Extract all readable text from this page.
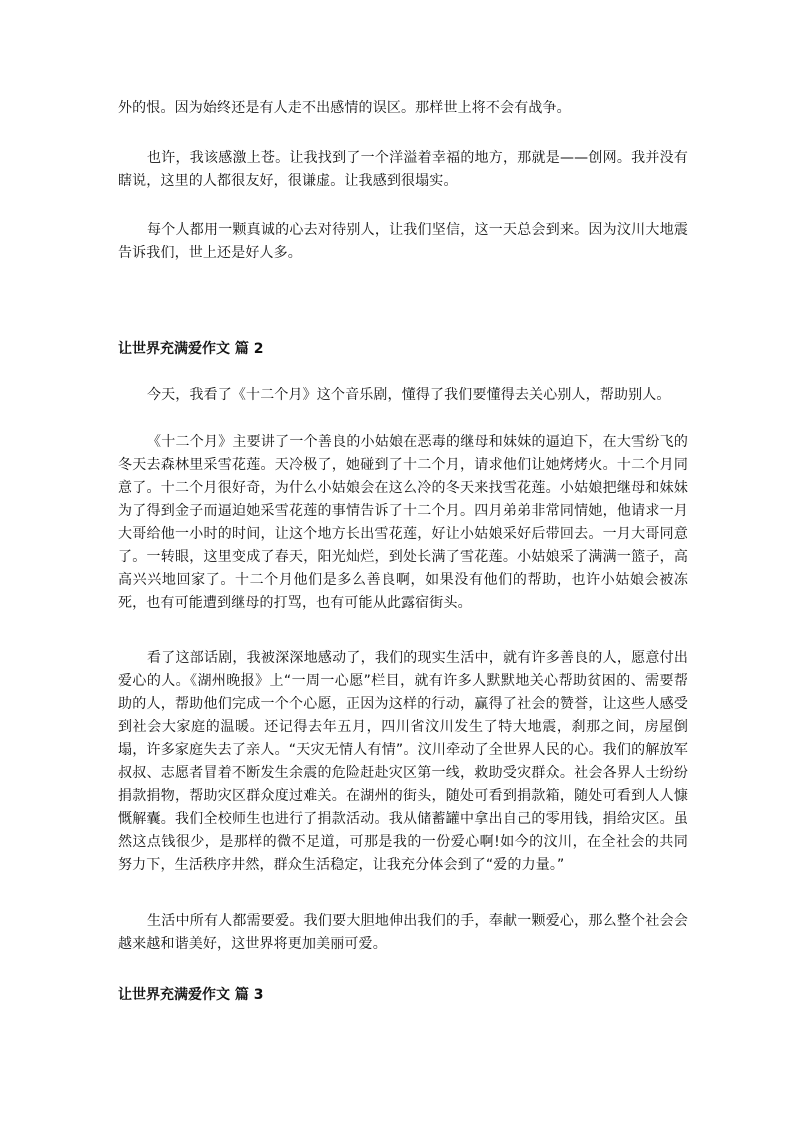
外的恨。因为始终还是有人走不出感情的误区。那样世上将不会有战争。

也许，我该感激上苍。让我找到了一个洋溢着幸福的地方，那就是——创网。我并没有瞎说，这里的人都很友好，很谦虚。让我感到很塌实。

每个人都用一颗真诚的心去对待别人，让我们坚信，这一天总会到来。因为汶川大地震告诉我们，世上还是好人多。

让世界充满爱作文 篇 2

今天，我看了《十二个月》这个音乐剧，懂得了我们要懂得去关心别人，帮助别人。

《十二个月》主要讲了一个善良的小姑娘在恶毒的继母和妹妹的逼迫下，在大雪纷飞的冬天去森林里采雪花莲。天冷极了，她碰到了十二个月，请求他们让她烤烤火。十二个月同意了。十二个月很好奇，为什么小姑娘会在这么冷的冬天来找雪花莲。小姑娘把继母和妹妹为了得到金子而逼迫她采雪花莲的事情告诉了十二个月。四月弟弟非常同情她，他请求一月大哥给他一小时的时间，让这个地方长出雪花莲，好让小姑娘采好后带回去。一月大哥同意了。一转眼，这里变成了春天，阳光灿烂，到处长满了雪花莲。小姑娘采了满满一篮子，高高兴兴地回家了。十二个月他们是多么善良啊，如果没有他们的帮助，也许小姑娘会被冻死，也有可能遭到继母的打骂，也有可能从此露宿街头。

看了这部话剧，我被深深地感动了，我们的现实生活中，就有许多善良的人，愿意付出爱心的人。《湖州晚报》上“一周一心愿”栏目，就有许多人默默地关心帮助贫困的、需要帮助的人，帮助他们完成一个个心愿，正因为这样的行动，赢得了社会的赞誉，让这些人感受到社会大家庭的温暖。还记得去年五月，四川省汶川发生了特大地震，刹那之间，房屋倒塌，许多家庭失去了亲人。“天灾无情人有情”。汶川牵动了全世界人民的心。我们的解放军叔叔、志愿者冒着不断发生余震的危险赶赴灾区第一线，救助受灾群众。社会各界人士纷纷捐款捐物，帮助灾区群众度过难关。在湖州的街头，随处可看到捐款箱，随处可看到人人慷慨解囊。我们全校师生也进行了捐款活动。我从储蓄罐中拿出自己的零用钱，捐给灾区。虽然这点钱很少，是那样的微不足道，可那是我的一份爱心啊!如今的汶川，在全社会的共同努力下，生活秩序井然，群众生活稳定，让我充分体会到了“爱的力量。”

生活中所有人都需要爱。我们要大胆地伸出我们的手，奉献一颗爱心，那么整个社会会越来越和谐美好，这世界将更加美丽可爱。

让世界充满爱作文 篇 3
